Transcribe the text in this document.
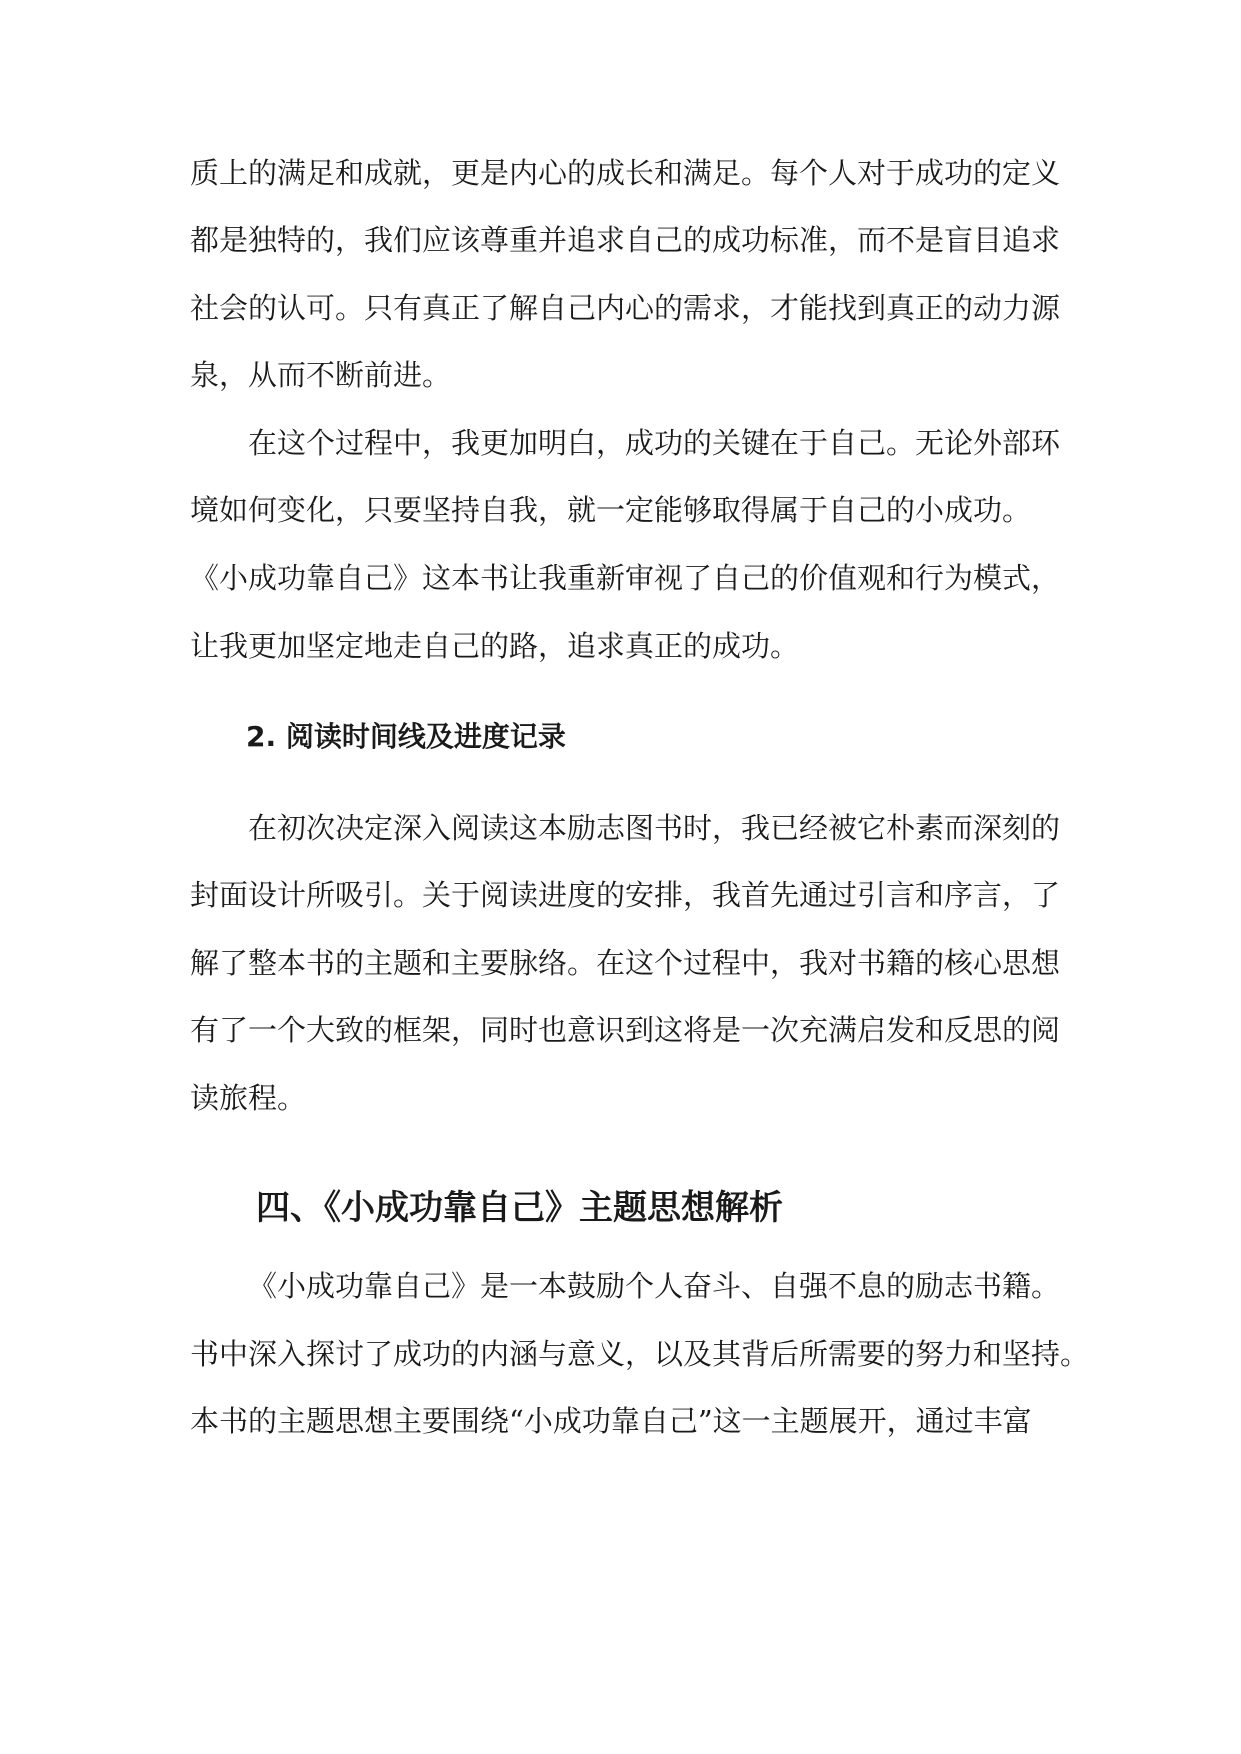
质上的满足和成就，更是内心的成长和满足。每个人对于成功的定义

都是独特的，我们应该尊重并追求自己的成功标准，而不是盲目追求

社会的认可。只有真正了解自己内心的需求，才能找到真正的动力源

泉，从而不断前进。

在这个过程中，我更加明白，成功的关键在于自己。无论外部环

境如何变化，只要坚持自我，就一定能够取得属于自己的小成功。

《小成功靠自己》这本书让我重新审视了自己的价值观和行为模式，

让我更加坚定地走自己的路，追求真正的成功。

2. 阅读时间线及进度记录

在初次决定深入阅读这本励志图书时，我已经被它朴素而深刻的

封面设计所吸引。关于阅读进度的安排，我首先通过引言和序言，了

解了整本书的主题和主要脉络。在这个过程中，我对书籍的核心思想

有了一个大致的框架，同时也意识到这将是一次充满启发和反思的阅

读旅程。

四、《小成功靠自己》主题思想解析

《小成功靠自己》是一本鼓励个人奋斗、自强不息的励志书籍。

书中深入探讨了成功的内涵与意义，以及其背后所需要的努力和坚持。

本书的主题思想主要围绕“小成功靠自己”这一主题展开，通过丰富
